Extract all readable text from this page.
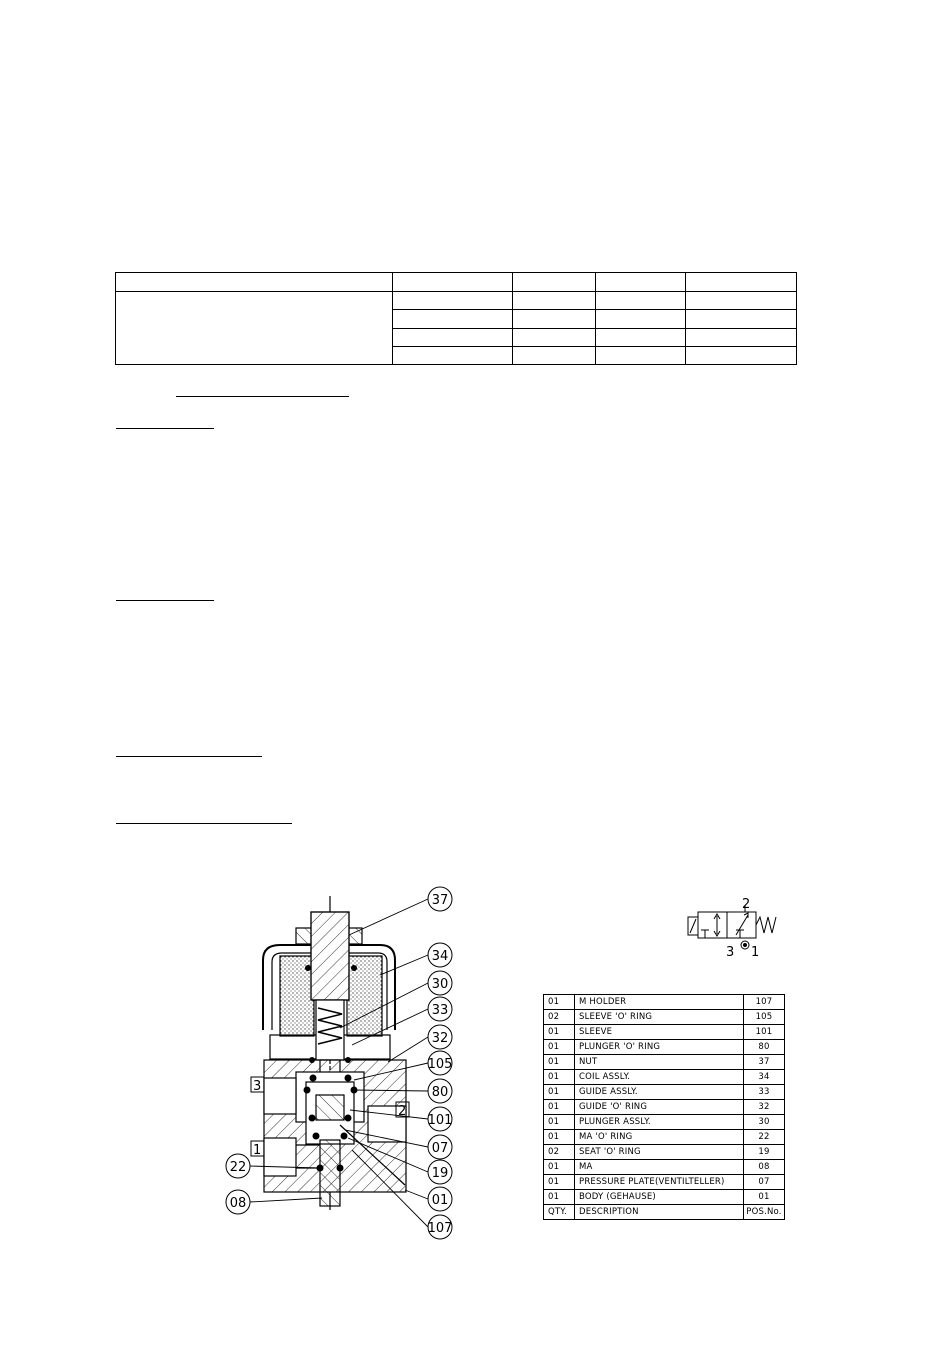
3
2
1
37
34
30
33
32
105
80
101
07
19
01
107
22
08
2
3 1
01	M HOLDER	107
02	SLEEVE 'O' RING	105
01	SLEEVE	101
01	PLUNGER 'O' RING	80
01	NUT	37
01	COIL ASSLY.	34
01	GUIDE ASSLY.	33
01	GUIDE 'O' RING	32
01	PLUNGER ASSLY.	30
01	MA 'O' RING	22
02	SEAT 'O' RING	19
01	MA	08
01	PRESSURE PLATE(VENTILTELLER)	07
01	BODY (GEHAUSE)	01
QTY.	DESCRIPTION	POS.No.
